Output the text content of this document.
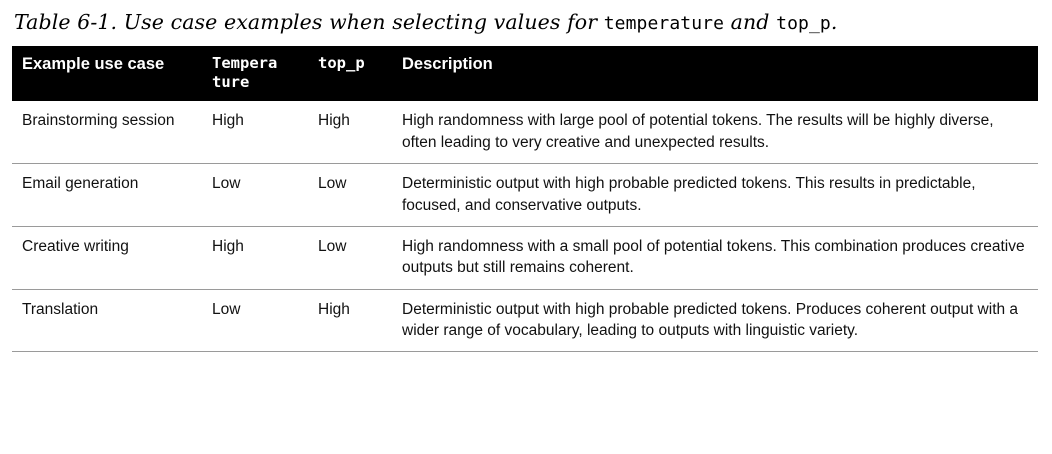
Table 6-1. Use case examples when selecting values for temperature and top_p.
Example use case	Tempera ture	top_p	Description
Brainstorming session	High	High	High randomness with large pool of potential tokens. The results will be highly diverse, often leading to very creative and unexpected results.
Email generation	Low	Low	Deterministic output with high probable predicted tokens. This results in predictable, focused, and conservative outputs.
Creative writing	High	Low	High randomness with a small pool of potential tokens. This combination produces creative outputs but still remains coherent.
Translation	Low	High	Deterministic output with high probable predicted tokens. Produces coherent output with a wider range of vocabulary, leading to outputs with linguistic variety.
